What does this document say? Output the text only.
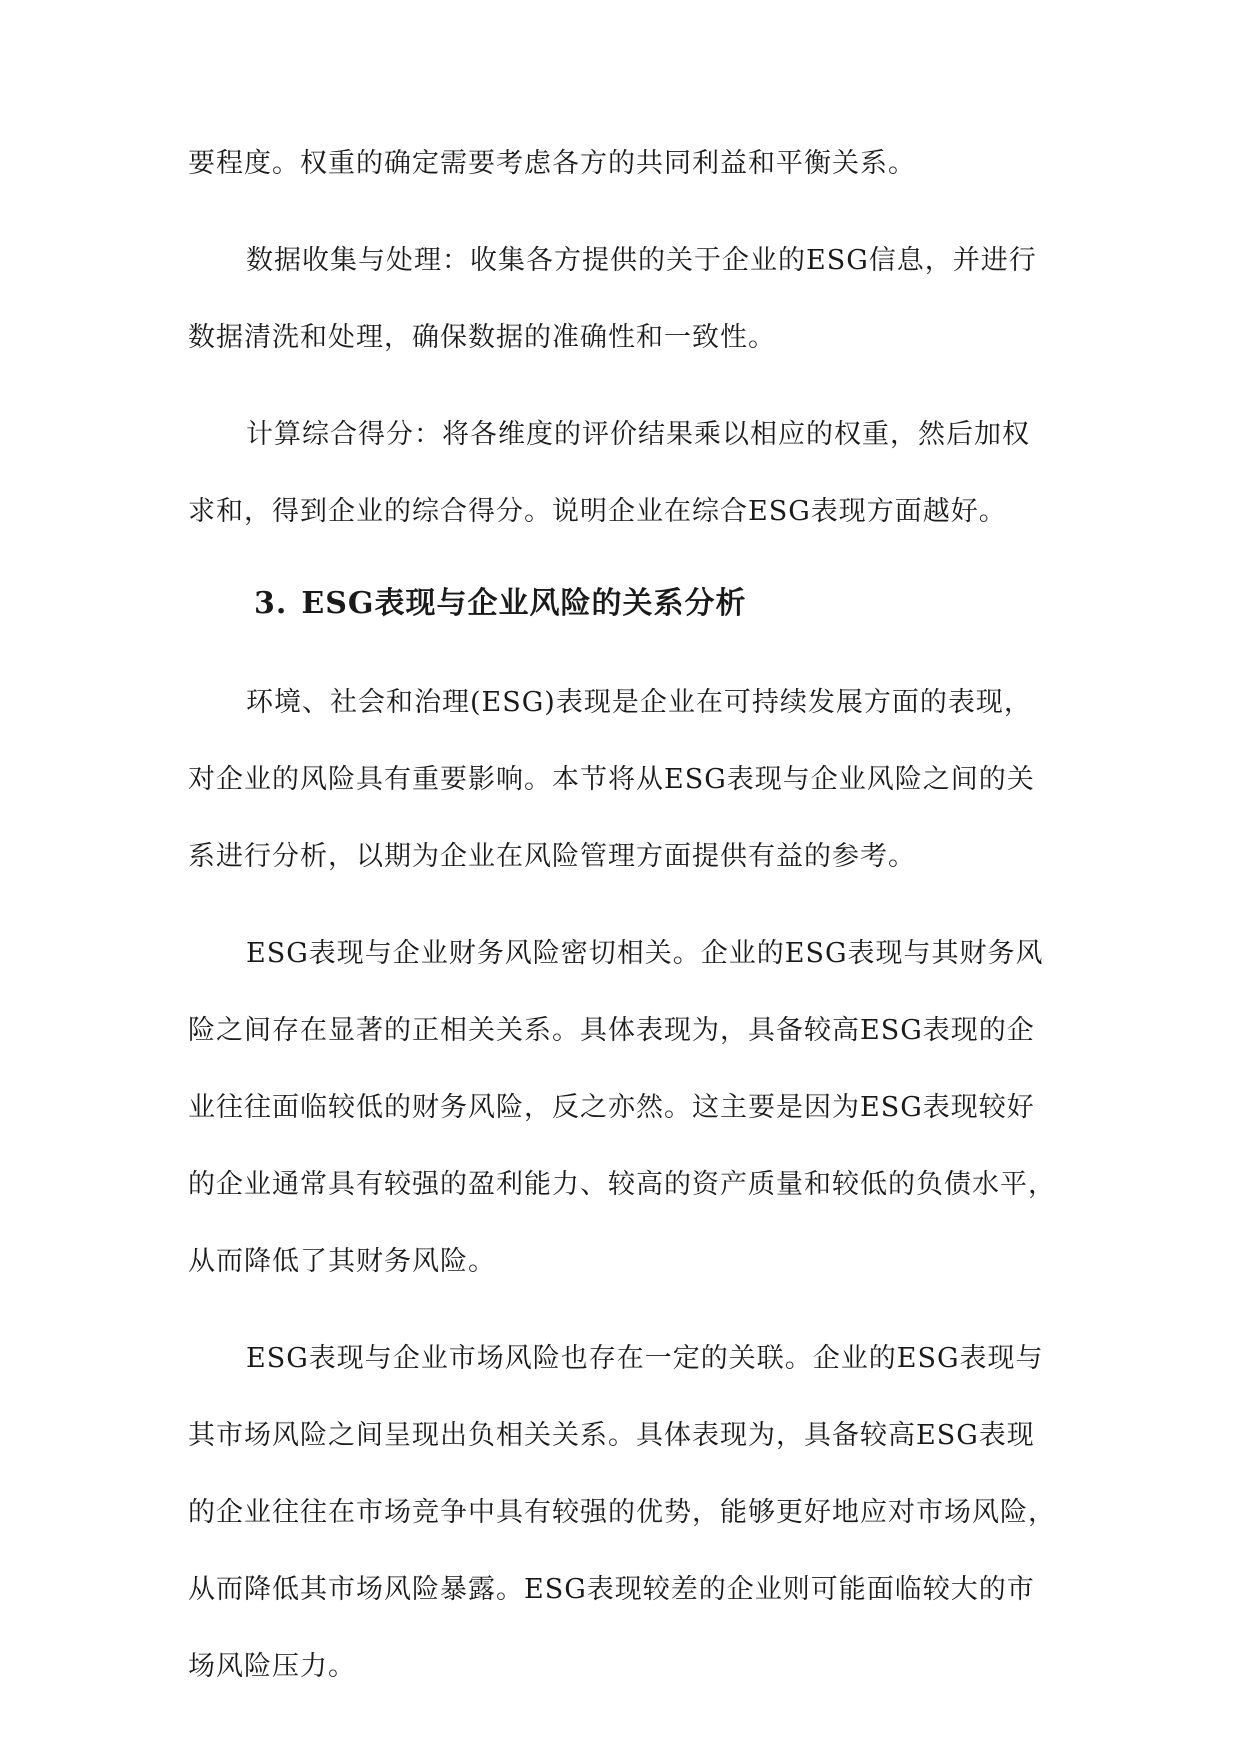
要程度。权重的确定需要考虑各方的共同利益和平衡关系。

数据收集与处理：收集各方提供的关于企业的ESG信息，并进行
数据清洗和处理，确保数据的准确性和一致性。

计算综合得分：将各维度的评价结果乘以相应的权重，然后加权
求和，得到企业的综合得分。说明企业在综合ESG表现方面越好。

3. ESG表现与企业风险的关系分析

环境、社会和治理(ESG)表现是企业在可持续发展方面的表现，
对企业的风险具有重要影响。本节将从ESG表现与企业风险之间的关
系进行分析，以期为企业在风险管理方面提供有益的参考。

ESG表现与企业财务风险密切相关。企业的ESG表现与其财务风
险之间存在显著的正相关关系。具体表现为，具备较高ESG表现的企
业往往面临较低的财务风险，反之亦然。这主要是因为ESG表现较好
的企业通常具有较强的盈利能力、较高的资产质量和较低的负债水平，
从而降低了其财务风险。

ESG表现与企业市场风险也存在一定的关联。企业的ESG表现与
其市场风险之间呈现出负相关关系。具体表现为，具备较高ESG表现
的企业往往在市场竞争中具有较强的优势，能够更好地应对市场风险，
从而降低其市场风险暴露。ESG表现较差的企业则可能面临较大的市
场风险压力。
